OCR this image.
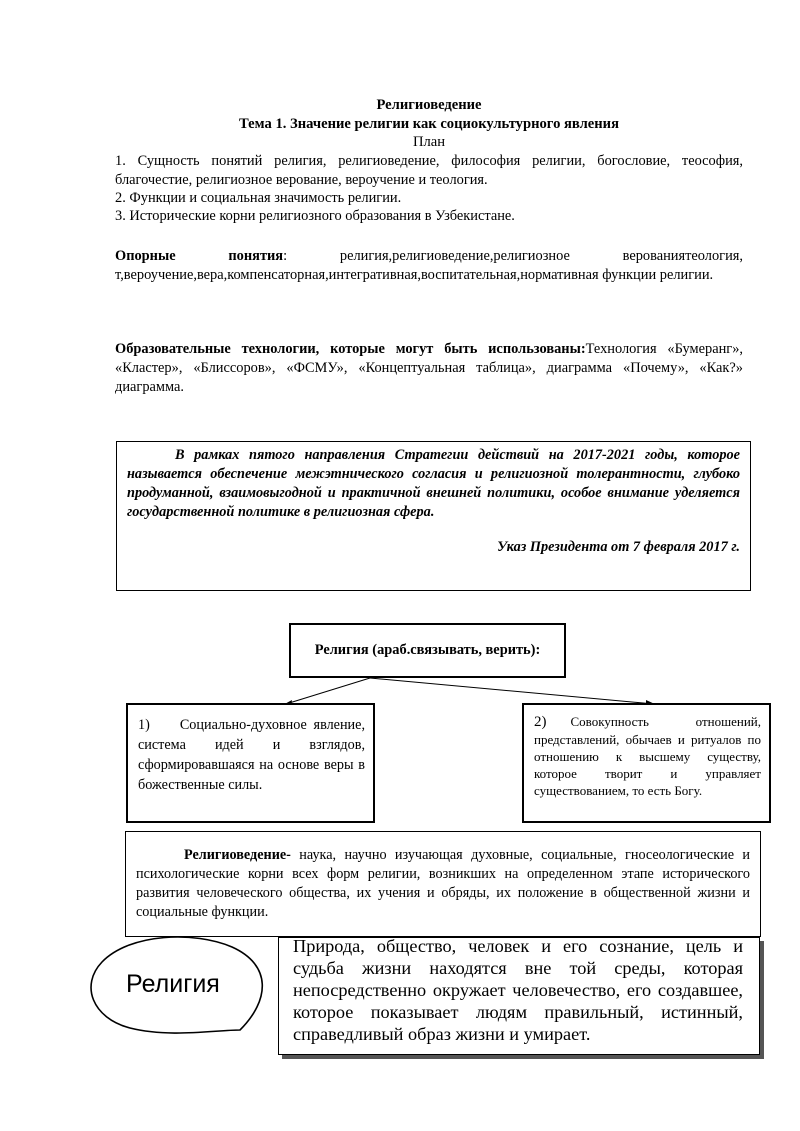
Религиоведение
Тема 1. Значение религии как социокультурного явления
План
1. Сущность понятий религия, религиоведение, философия религии, богословие, теософия, благочестие, религиозное верование, вероучение и теология.
2. Функции и социальная значимость религии.
3. Исторические корни религиозного образования в Узбекистане.
Опорные понятия: религия,религиоведение,религиозное верованиятеология, т,вероучение,вера,компенсаторная,интегративная,воспитательная,нормативная функции религии.
Образовательные технологии, которые могут быть использованы:Технология «Бумеранг», «Кластер», «Блиссоров», «ФСМУ», «Концептуальная таблица», диаграмма «Почему», «Как?» диаграмма.
В рамках пятого направления Стратегии действий на 2017-2021 годы, которое называется обеспечение межэтнического согласия и религиозной толерантности, глубоко продуманной, взаимовыгодной и практичной внешней политики, особое внимание уделяется государственной политике в религиозная сфера.
Указ Президента от 7 февраля 2017 г.
Религия (араб.связывать, верить):
1) Социально-духовное явление, система идей и взглядов, сформировавшаяся на основе веры в божественные силы.
2) Совокупность отношений, представлений, обычаев и ритуалов по отношению к высшему существу, которое творит и управляет существованием, то есть Богу.
Религиоведение- наука, научно изучающая духовные, социальные, гносеологические и психологические корни всех форм религии, возникших на определенном этапе исторического развития человеческого общества, их учения и обряды, их положение в общественной жизни и социальные функции.
Религия
Природа, общество, человек и его сознание, цель и судьба жизни находятся вне той среды, которая непосредственно окружает человечество, его создавшее, которое показывает людям правильный, истинный, справедливый образ жизни и умирает.
